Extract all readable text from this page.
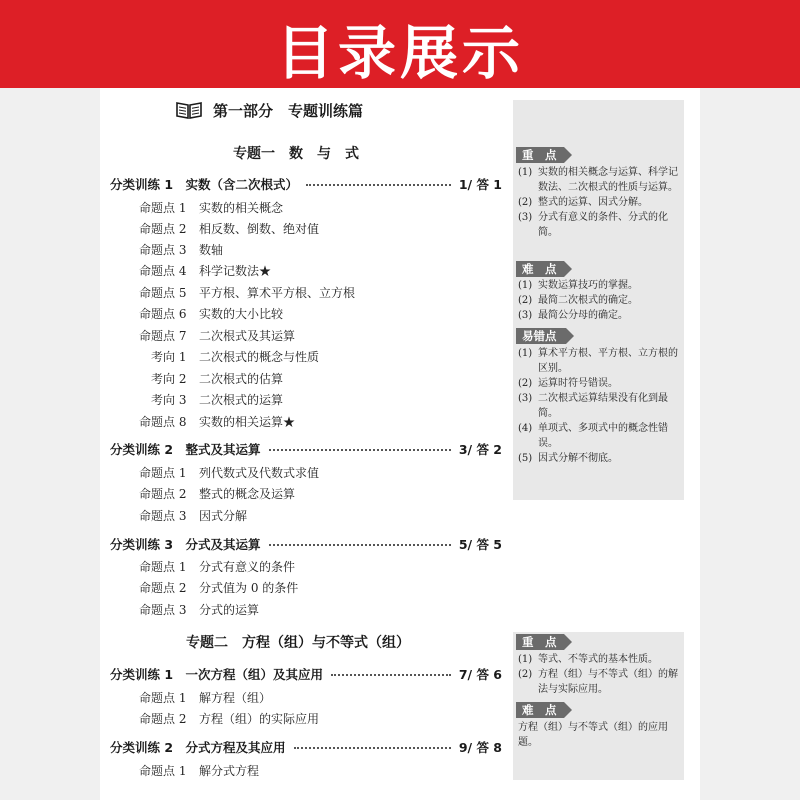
目录展示
第一部分　专题训练篇
专题一　数　与　式
分类训练 1　实数（含二次根式）	1/ 答 1
命题点 1	实数的相关概念
命题点 2	相反数、倒数、绝对值
命题点 3	数轴
命题点 4	科学记数法★
命题点 5	平方根、算术平方根、立方根
命题点 6	实数的大小比较
命题点 7	二次根式及其运算
考向 1	二次根式的概念与性质
考向 2	二次根式的估算
考向 3	二次根式的运算
命题点 8	实数的相关运算★
分类训练 2　整式及其运算	3/ 答 2
命题点 1	列代数式及代数式求值
命题点 2	整式的概念及运算
命题点 3	因式分解
分类训练 3　分式及其运算	5/ 答 5
命题点 1	分式有意义的条件
命题点 2	分式值为 0 的条件
命题点 3	分式的运算
专题二　方程（组）与不等式（组）
分类训练 1　一次方程（组）及其应用	7/ 答 6
命题点 1	解方程（组）
命题点 2	方程（组）的实际应用
分类训练 2　分式方程及其应用	9/ 答 8
命题点 1	解分式方程
重　点
(1) 实数的相关概念与运算、科学记数法、二次根式的性质与运算。
(2) 整式的运算、因式分解。
(3) 分式有意义的条件、分式的化简。
难　点
(1) 实数运算技巧的掌握。
(2) 最简二次根式的确定。
(3) 最简公分母的确定。
易错点
(1) 算术平方根、平方根、立方根的区别。
(2) 运算时符号错误。
(3) 二次根式运算结果没有化到最简。
(4) 单项式、多项式中的概念性错误。
(5) 因式分解不彻底。
重　点
(1) 等式、不等式的基本性质。
(2) 方程（组）与不等式（组）的解法与实际应用。
难　点
方程（组）与不等式（组）的应用题。
